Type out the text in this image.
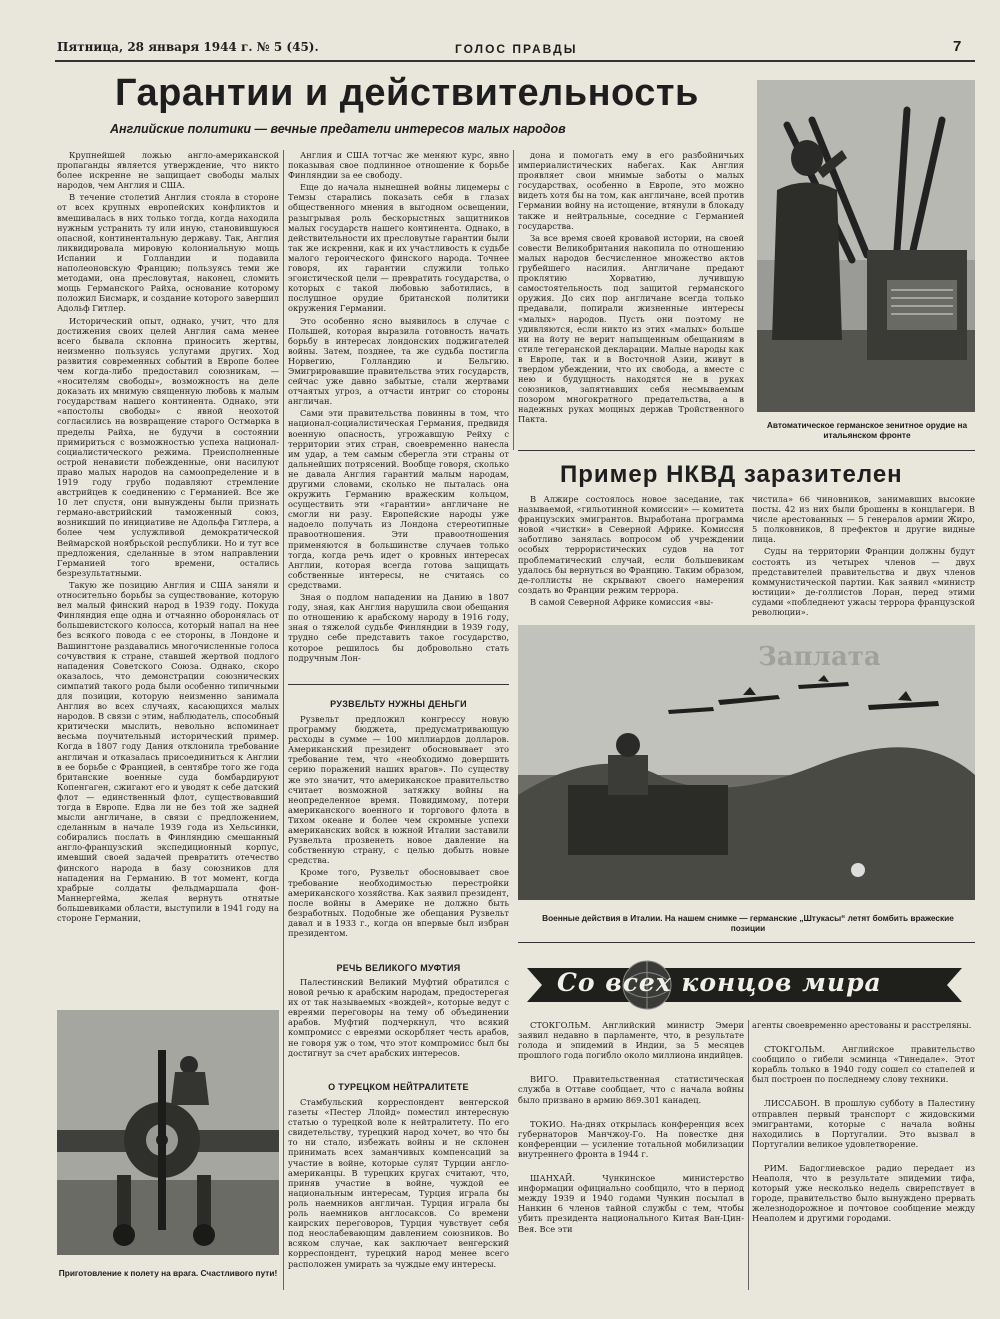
Пятница, 28 января 1944 г. № 5 (45).	ГОЛОС ПРАВДЫ	7
Гарантии и действительность
Английские политики — вечные предатели интересов малых народов

Крупнейшей ложью англо-американской пропаганды является утверждение, что никто более искренне не защищает свободы малых народов, чем Англия и США.

В течение столетий Англия стояла в стороне от всех крупных европейских конфликтов и вмешивалась в них только тогда, когда находила нужным устранить ту или иную, становившуюся опасной, континентальную державу. Так, Англия ликвидировала мировую колониальную мощь Испании и Голландии и подавила наполеоновскую Францию; пользуясь теми же методами, она пресловутая, наконец, сломить мощь Германского Райха, основание которому положил Бисмарк, и создание которого завершил Адольф Гитлер.

Исторический опыт, однако, учит, что для достижения своих целей Англия сама менее всего бывала склонна приносить жертвы, неизменно пользуясь услугами других. Ход развития современных событий в Европе более чем когда-либо предоставил союзникам, — «носителям свободы», возможность на деле доказать их мнимую священную любовь к малым государствам нашего континента. Однако, эти «апостолы свободы» с явной неохотой согласились на возвращение старого Остмарка в пределы Райха, не будучи в состоянии примириться с возможностью успеха национал-социалистического режима. Преисполненные острой ненависти побежденные, они насилуют право малых народов на самоопределение и в 1919 году грубо подавляют стремление австрийцев к соединению с Германией. Все же 10 лет спустя, они вынуждены были признать германо-австрийский таможенный союз, возникший по инициативе не Адольфа Гитлера, а более чем услужливой демократической Веймарской ноябрьской республики. Но и тут все предложения, сделанные в этом направлении Германией того времени, остались безрезультатными.

Такую же позицию Англия и США заняли и относительно борьбы за существование, которую вел малый финский народ в 1939 году. Покуда Финляндия еще одна и отчаянно оборонялась от большевистского колосса, который напал на нее без всякого повода с ее стороны, в Лондоне и Вашингтоне раздавались многочисленные голоса сочувствия к стране, ставшей жертвой подлого нападения Советского Союза. Однако, скоро оказалось, что демонстрации союзнических симпатий такого рода были особенно типичными для позиции, которую неизменно занимала Англия во всех случаях, касающихся малых народов. В связи с этим, наблюдатель, способный критически мыслить, невольно вспоминает весьма поучительный исторический пример. Когда в 1807 году Дания отклонила требование англичан и отказалась присоединиться к Англии в ее борьбе с Францией, в сентябре того же года британские военные суда бомбардируют Копенгаген, сжигают его и уводят к себе датский флот — единственный флот, существовавший тогда в Европе. Едва ли не без той же задней мысли англичане, в связи с предложением, сделанным в начале 1939 года из Хельсинки, собирались послать в Финляндию смешанный англо-французский экспедиционный корпус, имевший своей задачей превратить отечество финского народа в базу союзников для нападения на Германию. В тот момент, когда храбрые солдаты фельдмаршала фон-Маннергейма, желая вернуть отнятые большевиками области, выступили в 1941 году на стороне Германии,

Англия и США тотчас же меняют курс, явно показывая свое подлинное отношение к борьбе Финляндии за ее свободу.

Еще до начала нынешней войны лицемеры с Темзы старались показать себя в глазах общественного мнения в выгодном освещении, разыгрывая роль бескорыстных защитников малых государств нашего континента. Однако, в действительности их пресловутые гарантии были так же искренни, как и их участливость к судьбе малого героического финского народа. Точнее говоря, их гарантии служили только эгоистической цели — превратить государства, о которых с такой любовью заботились, в послушное орудие британской политики окружения Германии.

Это особенно ясно выявилось в случае с Польшей, которая выразила готовность начать борьбу в интересах лондонских поджигателей войны. Затем, позднее, та же судьба постигла Норвегию, Голландию и Бельгию. Эмигрировавшие правительства этих государств, сейчас уже давно забытые, стали жертвами отчаятых угроз, а отчасти интриг со стороны англичан.

Сами эти правительства повинны в том, что национал-социалистическая Германия, предвидя военную опасность, угрожавшую Рейху с территории этих стран, своевременно нанесла им удар, а тем самым сберегла эти страны от дальнейших потрясений. Вообще говоря, сколько не давала Англия гарантий малым народам, другими словами, сколько не пыталась она окружить Германию вражеским кольцом, осуществить эти «гарантии» англичане не смогли ни разу. Европейские народы уже надоело получать из Лондона стереотипные правоотношения. Эти правоотношения применяются в большинстве случаев только тогда, когда речь идет о кровных интересах Англии, которая всегда готова защищать собственные интересы, не считаясь со средствами.

Зная о подлом нападении на Данию в 1807 году, зная, как Англия нарушила свои обещания по отношению к арабскому народу в 1916 году, зная о тяжелой судьбе Финляндии в 1939 году, трудно себе представить такое государство, которое решилось бы добровольно стать подручным Лон-

дона и помогать ему в его разбойничьих империалистических набегах. Как Англия проявляет свои мнимые заботы о малых государствах, особенно в Европе, это можно видеть хотя бы на том, как англичане, всей против Германии войну на истощение, втянули в блокаду также и нейтральные, соседние с Германией государства.

За все время своей кровавой истории, на своей совести Великобритания накопила по отношению малых народов бесчисленное множество актов грубейшего насилия. Англичане предают проклятию Хорватию, лучившую самостоятельность под защитой германского оружия. До сих пор англичане всегда только предавали, попирали жизненные интересы «малых» народов. Пусть они поэтому не удивляются, если никто из этих «малых» больше ни на йоту не верит напыщенным обещаниям в стиле тегеранской декларации. Малые народы как в Европе, так и в Восточной Азии, живут в твердом убеждении, что их свобода, а вместе с нею и будущность находятся не в руках союзников, запятнавших себя несмываемым позором многократного предательства, а в надежных руках мощных держав Тройственного Пакта.

Автоматическое германское зенитное орудие на итальянском фронте
Пример НКВД заразителен

В Алжире состоялось новое заседание, так называемой, «гильотинной комиссии» — комитета французских эмигрантов. Выработана программа новой «чистки» в Северной Африке. Комиссия заботливо занялась вопросом об учреждении особых террористических судов на тот проблематический случай, если большевикам удалось бы вернуться во Францию. Таким образом, де-голлисты не скрывают своего намерения создать во Франции режим террора.

В самой Северной Африке комиссия «вы-

чистила» 66 чиновников, занимавших высокие посты. 42 из них были брошены в концлагери. В числе арестованных — 5 генералов армии Жиро, 5 полковников, 8 префектов и другие видные лица.

Суды на территории Франции должны будут состоять из четырех членов — двух представителей правительства и двух членов коммунистической партии. Как заявил «министр юстиции» де-голлистов Лоран, перед этими судами «побледнеют ужасы террора французской революции».

Заплата
Военные действия в Италии. На нашем снимке — германские „Штукасы“ летят бомбить вражеские позиции
РУЗВЕЛЬТУ НУЖНЫ ДЕНЬГИ

Рузвельт предложил конгрессу новую программу бюджета, предусматривающую расходы в сумме — 100 миллиардов долларов. Американский президент обосновывает это требование тем, что «необходимо довершить серию поражений наших врагов». По существу же это значит, что американское правительство считает возможной затяжку войны на неопределенное время. Повидимому, потери американского военного и торгового флота в Тихом океане и более чем скромные успехи американских войск в южной Италии заставили Рузвельта прозвенеть новое давление на собственную страну, с целью добыть новые средства.

Кроме того, Рузвельт обосновывает свое требование необходимостью перестройки американского хозяйства. Как заявил президент, после войны в Америке не должно быть безработных. Подобные же обещания Рузвельт давал и в 1933 г., когда он впервые был избран президентом.

РЕЧЬ ВЕЛИКОГО МУФТИЯ

Палестинский Великий Муфтий обратился с новой речью к арабским народам, предостерегая их от так называемых «вождей», которые ведут с евреями переговоры на тему об объединении арабов. Муфтий подчеркнул, что всякий компромисс с евреями оскорбляет честь арабов, не говоря уж о том, что этот компромисс был бы достигнут за счет арабских интересов.

О ТУРЕЦКОМ НЕЙТРАЛИТЕТЕ

Стамбульский корреспондент венгерской газеты «Пестер Ллойд» поместил интересную статью о турецкой воле к нейтралитету. По его свидетельству, турецкий народ хочет, во что бы то ни стало, избежать войны и не склонен принимать всех заманчивых компенсаций за участие в войне, которые сулят Турции англо-американцы. В турецких кругах считают, что, приняв участие в войне, чуждой ее национальным интересам, Турция играла бы роль наемников англичан. Турция играла бы роль наемников англосаксов. Со времени каирских переговоров, Турция чувствует себя под неослабевающим давлением союзников. Во всяком случае, как заключает венгерский корреспондент, турецкий народ менее всего расположен умирать за чуждые ему интересы.

Приготовление к полету на врага. Счастливого пути!
Со всех концов мира

СТОКГОЛЬМ. Английский министр Эмери заявил недавно в парламенте, что, в результате голода и эпидемий в Индии, за 5 месяцев прошлого года погибло около миллиона индийцев.

ВИГО. Правительственная статистическая служба в Оттаве сообщает, что с начала войны было призвано в армию 869.301 канадец.

ТОКИО. На-днях открылась конференция всех губернаторов Манчжоу-Го. На повестке дня конференции — усиление тотальной мобилизации внутреннего фронта в 1944 г.

ШАНХАЙ. Чункинское министерство информации официально сообщило, что в период между 1939 и 1940 годами Чункин посылал в Нанкин 6 членов тайной службы с тем, чтобы убить президента национального Китая Ван-Цин-Вея. Все эти

агенты своевременно арестованы и расстреляны.

СТОКГОЛЬМ. Английское правительство сообщило о гибели эсминца «Тинедале». Этот корабль только в 1940 году сошел со стапелей и был построен по последнему слову техники.

ЛИССАБОН. В прошлую субботу в Палестину отправлен первый транспорт с жидовскими эмигрантами, которые с начала войны находились в Португалии. Это вызвал в Португалии великое удовлетворение.

РИМ. Бадоглиевское радио передает из Неаполя, что в результате эпидемии тифа, который уже несколько недель свирепствует в городе, правительство было вынуждено прервать железнодорожное и почтовое сообщение между Неаполем и другими городами.
